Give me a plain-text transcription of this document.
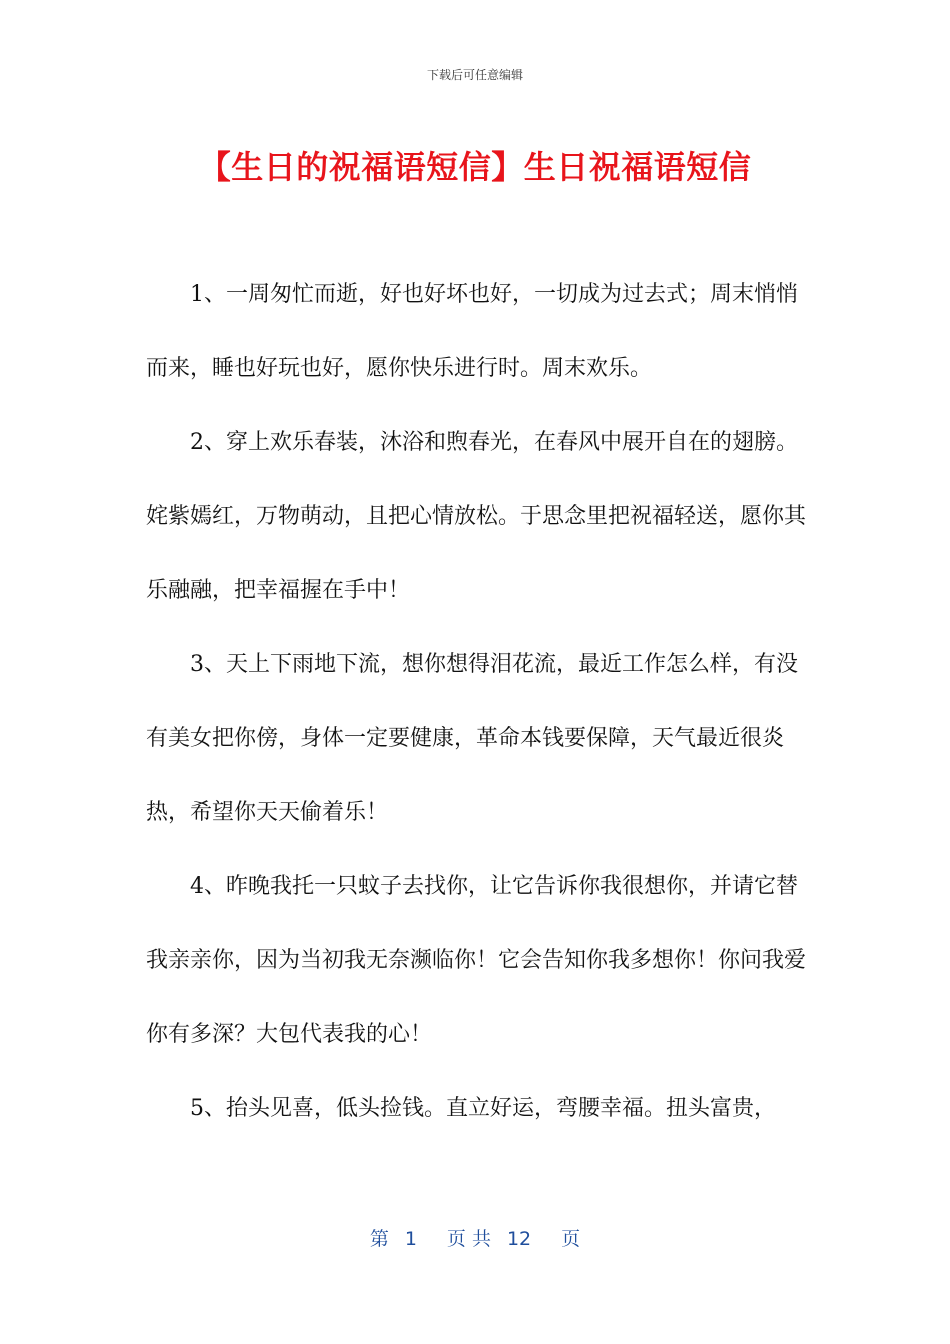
下载后可任意编辑
【生日的祝福语短信】生日祝福语短信

1、一周匆忙而逝，好也好坏也好，一切成为过去式；周末悄悄而来，睡也好玩也好，愿你快乐进行时。周末欢乐。

2、穿上欢乐春装，沐浴和煦春光，在春风中展开自在的翅膀。姹紫嫣红，万物萌动，且把心情放松。于思念里把祝福轻送，愿你其乐融融，把幸福握在手中！

3、天上下雨地下流，想你想得泪花流，最近工作怎么样，有没有美女把你傍，身体一定要健康，革命本钱要保障，天气最近很炎热，希望你天天偷着乐！

4、昨晚我托一只蚊子去找你，让它告诉你我很想你，并请它替我亲亲你，因为当初我无奈濒临你！它会告知你我多想你！你问我爱你有多深？大包代表我的心！

5、抬头见喜，低头捡钱。直立好运，弯腰幸福。扭头富贵，

第 1 页 共 12 页
